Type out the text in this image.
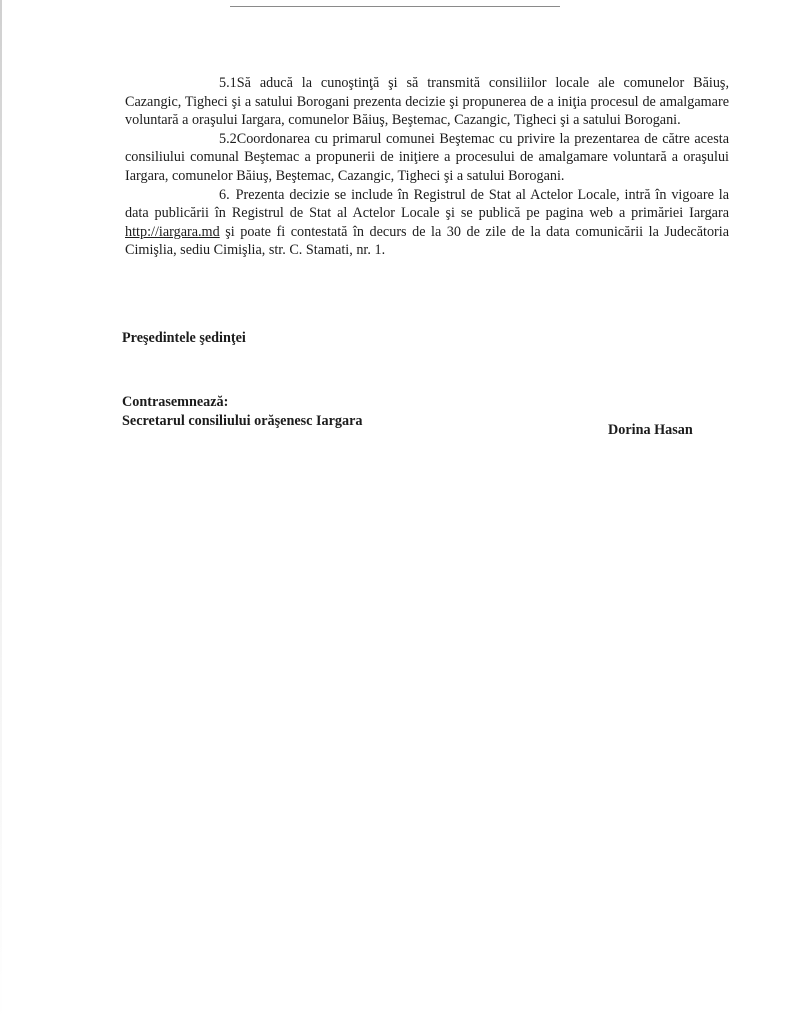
5.1Să aducă la cunoştinţă şi să transmită consiliilor locale ale comunelor Băiuş, Cazangic, Tigheci şi a satului Borogani prezenta decizie şi propunerea de a iniţia procesul de amalgamare voluntară a oraşului Iargara, comunelor Băiuş, Beştemac, Cazangic, Tigheci şi a satului Borogani.

5.2Coordonarea cu primarul comunei Beştemac cu privire la prezentarea de către acesta consiliului comunal Beştemac a propunerii de iniţiere a procesului de amalgamare voluntară a oraşului Iargara, comunelor Băiuş, Beştemac, Cazangic, Tigheci şi a satului Borogani.

6. Prezenta decizie se include în Registrul de Stat al Actelor Locale, intră în vigoare la data publicării în Registrul de Stat al Actelor Locale şi se publică pe pagina web a primăriei Iargara http://iargara.md şi poate fi contestată în decurs de la 30 de zile de la data comunicării la Judecătoria Cimişlia, sediu Cimişlia, str. C. Stamati, nr. 1.

Preşedintele şedinţei
Contrasemnează:
Secretarul consiliului orăşenesc Iargara
Dorina Hasan
